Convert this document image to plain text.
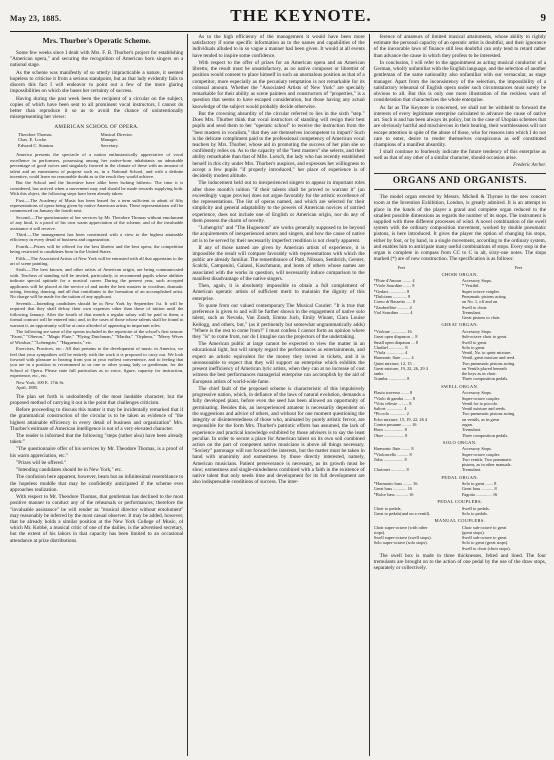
May 23, 1885.	THE KEYNOTE.	9
Mrs. Thurber's Operatic Scheme.

Some few weeks since I dealt with Mrs. F. B. Thurber's project for establishing "American opera," and securing the recognition of American born singers on a national stage.

As the scheme was manifestly of so utterly impracticable a nature, it seemed hopeless to criticise it from a serious standpoint, but as that lady evidently fails to discern this fact I will endeavor to point out a few of the more glaring impossibilities on which she bases her certainty of success.

Having during the past week been the recipient of a circular on the subject, copies of which have been sent to all prominent vocal instructors, I cannot do better than reproduce it so as to avoid the chance of unintentionally misrepresenting her views:

AMERICAN SCHOOL OF OPERA.
Theodore Thomas.	Musical Director.
Chas. E. Locke.	Manager.
Edward C. Stanton.	Secretary.

America presents the spectacle of a nation enthusiastically appreciative of vocal excellence in performers, possessing among her native-born inhabitants an admirable percentage of good voices and singularly favored in the climate of these with an amount of talent and an earnestness of purpose such as, in a National School, and with a definite incentive, could leave no reasonable doubt as to the result they would achieve.

But the School and the Incentive have alike been lacking hitherto. The time it is considered, has arrived when a movement may and should be made towards supplying both. With this object, the following steps have been already taken:

First.—The Academy of Music has been leased for a term sufficient to admit of fifty representations of opera being given by native American artists. These representations will be commenced on January the fourth next.

Second.—The questionnaire of her services by Mr. Theodore Thomas without emolument of any kind, is a proof of his own warm appreciation of the scheme, and of the invaluable assistance it will receive.

Third.—The management has been constituted with a view to the highest attainable efficiency in every detail of business and organization.

Fourth.—Prizes will be offered for the best libretto and the best opera, the competition being restricted to candidates born in the United States.

Fifth.—The Associated Artists of New York will be entrusted with all that appertains to the art of scene painting.

Sixth.—The best known, and other artists of American origin, are being communicated with. Teachers of standing will be invited, particularly, to recommend pupils whose abilities indicate special aptitude for a musical career. During the present year, such accepted applicants will be placed at the service of and under the best masters in vocalism, dramatic acting, fencing, dancing, and all that contributes to the formation of an accomplished artist. No charge will be made for the tuition of any applicant.

Seventh.—Intending candidates should be in New York by September 1st. It will be required that they shall defray their own expenses other than those of tuition until the following January. After the fourth of that month a regular salary will be paid to them; a formal contract will be entered into; and, in the cases of those whose talents shall be found to warrant it, an opportunity will be at once afforded of appearing in important roles.

The following are some of the operas included in the repertoire of the school's first season: "Faust," "Oberon," "Magic Flute," "Flying Dutchman," "Martha," "Orpheus," "Merry Wives of Windsor," "Lohengrin," "Huguenots," etc.

Exercises, Practices, etc.: All that pertains to the development of music in America, we feel that your sympathies will be entirely with the work it is proposed to carry out. We look forward with pleasure to hearing from you at your earliest convenience, and to feeling that you are in a position to recommend to us one or other young lady or gentleman, for the School of Opera. Please state full particulars as to voice, figure, capacity for instruction, experience, etc., etc.

New York, 100 E. 17th St.
April, 1885.

The plan set forth is undoubtedly of the most laudable character, but the proposed method of carrying it out is the point that challenges criticism.

Before proceeding to discuss this matter it may be incidentally remarked that if the grammatical construction of the circular is to be taken as evidence of "the highest attainable efficiency in every detail of business and organization" Mrs. Thurber's estimate of American intelligence is not of a very elevated character.

The reader is informed that the following "steps (rather also) have been already taken:"

"The questionnaire offer of his services by Mr. Theodore Thomas, is a proof of his warm appreciation, etc."

"Prizes will be offered."

"Intending candidates should be in New York," etc.

The confusion here apparent, however, bears but an infinitesimal resemblance to the hopeless muddle that may be confidently anticipated if the scheme ever approaches realization.

With respect to Mr. Theodore Thomas, that gentleman has declined to the most positive manner to conduct any of the rehearsals or performances; therefore the "invaluable assistance" he will render as "musical director without emolument" may reasonably be inferred by the most casual observer. It may be added, however, that he already holds a similar position at the New York College of Music, of which Mr. Kobbé, a musical critic of one of the dailies, is the advertised secretary, but the extent of his labors in that capacity has been limited to an occasional attendance at prize distributions.

As to the high efficiency of the management it would have been more satisfactory if some specific information as to the names and capabilities of the individuals alluded to in so vague a manner had been given. It would at all events have tended to inspire some confidence.

With respect to the offer of prizes for an American opera and an American libretto, the result must be unsatisfactory, as no native composer or librettist of position would consent to place himself in such an anomalous position as that of a competitor, more especially as the pecuniary temptation is not remarkable for its colossal amount. Whether the "Associated Artists of New York" are specially remarkable for their ability as scene painters and constructors of "properties," is a question that seems to have escaped consideration, but those having any actual knowledge of the subject would probably decide otherwise.

But the crowning absurdity of the circular referred to lies in the sixth "step." Does Mrs. Thurber think that vocal instructors of standing will resign their best pupils and send them to her "operatic school" to receive the instruction from the "best masters in vocalism," that they are themselves incompetent to impart? Such is the delicate compliment paid to the professional competency of American vocal teachers by Mrs. Thurber, whose aid in promoting the success of her plan she so confidently relies on. As to the capacity of the "best masters" she selects, and their ability remarkable than that of Mlle. Lorsch, the lady who has recently established herself in this city under Mrs. Thurber's auspices, and expresses her willingness to accept a few pupils "if properly introduced," her place of experience is of decidedly modest altitude.

The inducement held out to inexperienced singers to appear in important roles after three month's tuition "if their talents shall be proved to warrant it" (an exceedingly vague proviso) does not argue favorably for the artistic excellence of the representations. The list of operas named, and which are selected for their simplicity and general adaptability to the powers of American novices of untried experience, does not include one of English or American origin, nor do any of them possess the charm of novelty.

"Lohengrin" and "The Huguenots" are works generally supposed to be beyond the acquirements of inexperienced actors and singers, and how the cause of native art is to be served by their necessarily imperfect rendition is not clearly apparent.

If any of those named are given by American artists of experience, it is impossible the result will compare favorably with representations with which the public are already familiar. The remembrance of Patti, Nilsson, Sembrich, Gerster, Scalchi, Campanini, Galassi, Kaschmann, and hosts of others whose names are associated with the works in question, will necessarily induce comparison to the manifest disadvantage of the native singers.

Then, again, it is absolutely impossible to obtain a full complement of American operatic artists of sufficient merit to maintain the dignity of this enterprise.

To quote from our valued contemporary The Musical Courier: "It is true that preference is given to and will be further shown in the engagement of native solo talent, such as Nevada, Van Zandt, Emma Juch, Emily Winant, Clara Louise Kellogg, and others, but," (as it pertinently but somewhat ungrammatically adds) "Where is the rest to come from?" I must confess I cannot form an opinion where they "is" to come from, nor do I imagine can the projectors of the undertaking.

The American public at large cannot be expected to view the matter in an educational light, but will simply regard the performances as entertainments, and expect an artistic equivalent for the money they invest in tickets, and it is unreasonable to expect that they will support an enterprise which exhibits the present inefficiency of American lyric artists, when they can at no increase of cost witness the best performances managerial enterprise can accomplish by the aid of European artists of world-wide fame.

The chief fault of the proposed scheme is characteristic of this impulsively progressive nation, which, in defiance of the laws of natural evolution, demands a fully developed plant, before even the seed has been allowed an opportunity of germinating. Besides this, an inexperienced amateur is necessarily dependent on the suggestions and advice of others, and without for one moment questioning the integrity or disinterestedness of those who, animated by purely artistic fervor, are responsible for the form Mrs. Thurber's patriotic efforts has assumed, the lack of experience and practical knowledge exhibited by those advisers is to say the least peculiar. In order to secure a place for American talent on its own soil combined action on the part of competent native musicians is above all things necessary. "Society" patronage will not forward the interests, but the matter must be taken in hand with unanimity and earnestness by those directly interested, namely, American musicians. Patient perseverance is necessary, as its growth must be slow; earnestness and single-mindedness combined with a faith in the existence of native talent that only needs time and development for its full development are also indispensable conditions of success. The inter-

ference of amateurs of limited musical attainments, whose ability to rightly estimate the personal capacity of an operatic artist is doubtful, and their ignorance of the inexorable laws of finance still less doubtful can only tend to retard rather than advance the cause in which they profess to be interested.

In conclusion, I will refer to the appointment as acting musical conductor of a German, wholly unfamiliar with the English language, and the selection of another gentleman of the same nationality also unfamiliar with our vernacular, as stage manager. Apart from the inconsistency of the selection, the impossibility of a satisfactory rehearsal of English opera under such circumstances must surely be obvious to all. But this is only one more illustration of the reckless want of consideration that characterizes the whole enterprise.

As far as The Keynote is concerned, we shall not be withheld to forward the interests of every legitimate enterprise calculated to advance the cause of native art. Such is and has been always its policy, but in the case of Utopian schemes that are obviously hurtful and mischievous in their bearing, their worthlessness will not escape attention in spite of the abuse of those, who for reasons into which I do not care to enter, desire to render themselves conspicuous as self constituted champions of a manifest absurdity.

I shall continue to fearlessly indicate the future tendency of this enterprise as well as that of any other of a similar character, should occasion arise.

Frederic Archer.
ORGANS AND ORGANISTS.

The model organ erected by Messrs. Michell & Thynne in the new concert room at the Invention Exhibition, London, is greatly admired. It is an attempt to place in the hands of the player a grand and complete organ reduced to the smallest possible dimensions as regards the number of its stops. The instrument is supplied with three different processes of wind. A novel combination of the swell system with the ordinary composition movement, worked by double pneumatic pistons, is here introduced. It gives the player the option of changing his stops, either by foot, or by hand, in a single movement, according to the ordinary system, and enables him to anticipate many useful combinations of stops. Every stop in the organ is complete in compass from CC to C in alt, sixty-one notes. The stops marked (*) are of new construction. The specification is as follows:

Feet	Feet
CHOIR ORGAN.
*Flute d'Amour ........ 4	Accessory Stops.
*Viole Sourdine ....... 8	* Vestibil.
*Gedact ............... 8	Super octave coupler.
*Dulciana ............. 8	Pneumatic pistons acting
Corno di Bassetto ..... 8	on No. 1, off and on.
*Zauberflöte .......... 4	Swell to choir.
Viol Sourdine ......... 4	Tremulant.
Great pistons to choir.
GREAT ORGAN.
*Violone .............. 16	Accessory Stops.
Great open diapason ... 8	Sub-octave choir to great.
Small open diapason ... 8	Swell to great.
Claribel .............. 8	Solo to great.
*Viola ................ 4	Ventil, No. to quint mixture.
Harmonic flute ........ 4	Ventil, great mixture and reed.
Quint mixture, 12, 15 ..	Two pneumatic pistons acting
Great mixture, 19, 22, 26, 29 4	on Ventils placed beneath
ranks	the keys as in choir.
Trumba ................ 8	Three composition pedals.
SWELL ORGAN.
Flauto traverso ....... 8	Accessory Stops.
*Violo di gamba ....... 8	Super-octave coupler.
*Voix céleste ......... 8	Ventil for to piccolo.
Salicet ............... 4	Ventil mixture and reeds.
*Piccolo .............. 2	Two pneumatic pistons acting
Echo mixture, 15, 19, 22, 26 4	on ventils, as in great
Contra posaune ........ 16	organ.
Horn .................. 8	Tremulant.
Oboe .................. 8	Three composition pedals.
SOLO ORGAN.
Harmonic flute ........ 8	Accessory Stops.
*Violoncello .......... 8	Super-octave coupler.
Tuba .................. 8	Two ventils. Two pneumatic
pistons, as in other manuals.
Clarionet ............. 8	Tremulant.
PEDAL ORGAN.
*Harmonic bass ........ 16	Solo to great ....... 8
Great bass ............ 16	Great bass ........... 8
*Bolce bass ........... 16	Fagotto .............. 16
PEDAL COUPLERS.
Choir to pedals.	Swell to pedals.
Great to pedals(and on a ventil).	Solo to pedals.
MANUAL COUPLERS.
Choir super-octave (with other	Choir sub-octave to great
stops).	(great stops).
Swell super-octave (swell stops).	Swell sub-octave to great.
Solo super-octave (solo stops).	Solo to great (great stops).
Swell to choir (choir stops).

The swell box is made in three thicknesses, felted and lined. The four tremulants are brought on to the action of one pedal by the use of the draw stops, separately or collectively.
